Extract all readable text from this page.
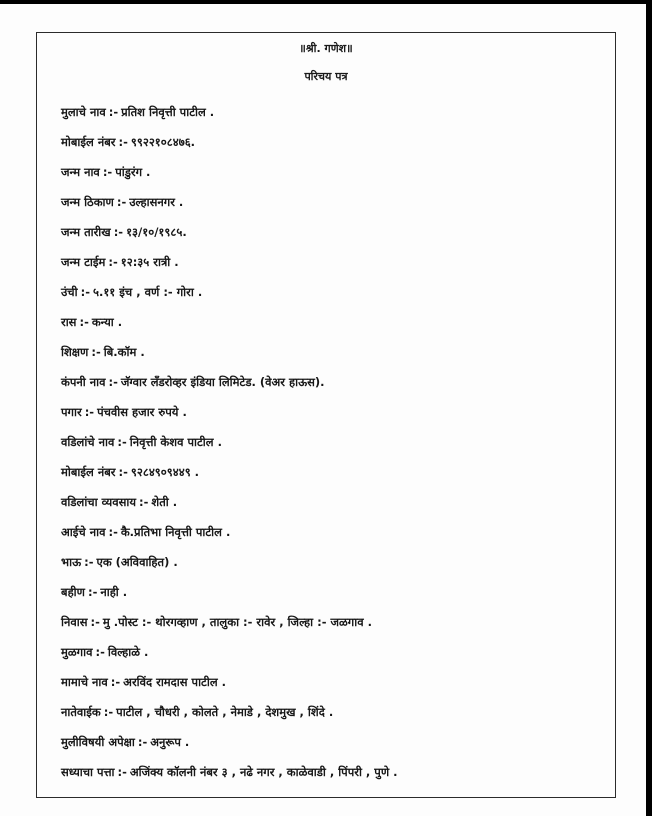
॥श्री. गणेश॥

परिचय पत्र

मुलाचे नाव :- प्रतिश निवृत्ती पाटील .
मोबाईल नंबर :- ९९२२१०८४७६.
जन्म नाव :- पांडुरंग .
जन्म ठिकाण :- उल्हासनगर .
जन्म तारीख :- १३/१०/१९८५.
जन्म टाईम :- १२:३५ रात्री .
उंची :- ५.११ इंच , वर्ण :- गोरा .
रास :- कन्या .
शिक्षण :- बि.कॉम .
कंपनी नाव :- जॅग्वार लॅंडरोव्हर इंडिया लिमिटेड. (वेअर हाऊस).
पगार :- पंचवीस हजार रुपये .
वडिलांचे नाव :- निवृत्ती केशव पाटील .
मोबाईल नंबर :- ९२८४९०९४४९ .
वडिलांचा व्यवसाय :- शेती .
आईचे नाव :- कै.प्रतिभा निवृत्ती पाटील .
भाऊ :- एक (अविवाहित) .
बहीण :- नाही .
निवास :- मु .पोस्ट :- थोरगव्हाण , तालुका :- रावेर , जिल्हा :- जळगाव .
मुळगाव :- विल्हाळे .
मामाचे नाव :- अरविंद रामदास पाटील .
नातेवाईक :- पाटील , चौधरी , कोलते , नेमाडे , देशमुख , शिंदे .
मुलीविषयी अपेक्षा :- अनुरूप .
सध्याचा पत्ता :- अजिंक्य कॉलनी नंबर ३ , नढे नगर , काळेवाडी , पिंपरी , पुणे .
